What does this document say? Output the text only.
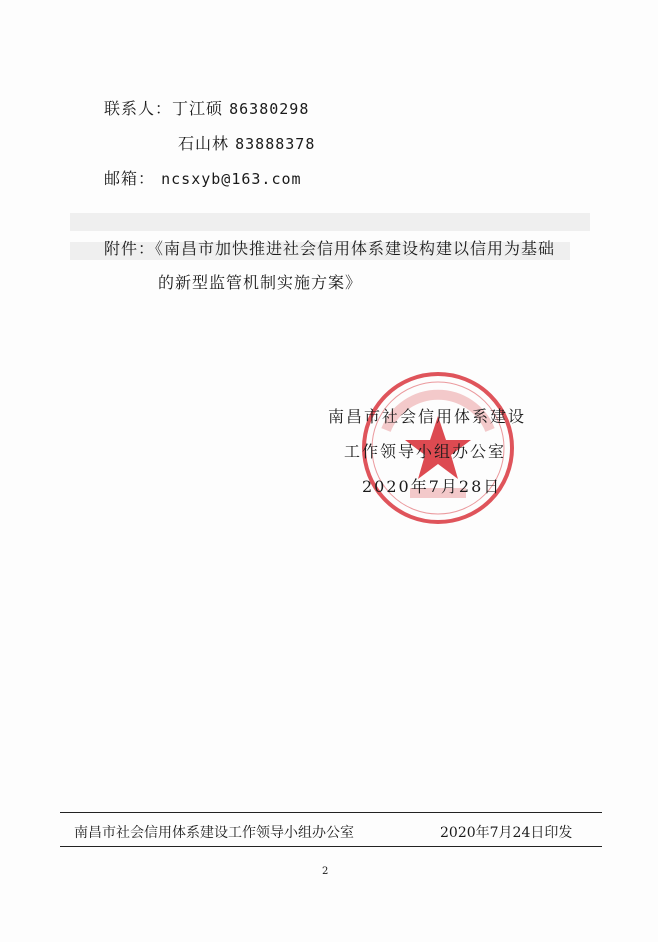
联系人：丁江硕 86380298
石山林 83888378
邮箱： ncsxyb@163.com
附件：《南昌市加快推进社会信用体系建设构建以信用为基础
的新型监管机制实施方案》
南昌市社会信用体系建设
工作领导小组办公室
2020年7月28日
南昌市社会信用体系建设工作领导小组办公室	2020年7月24日印发
2
